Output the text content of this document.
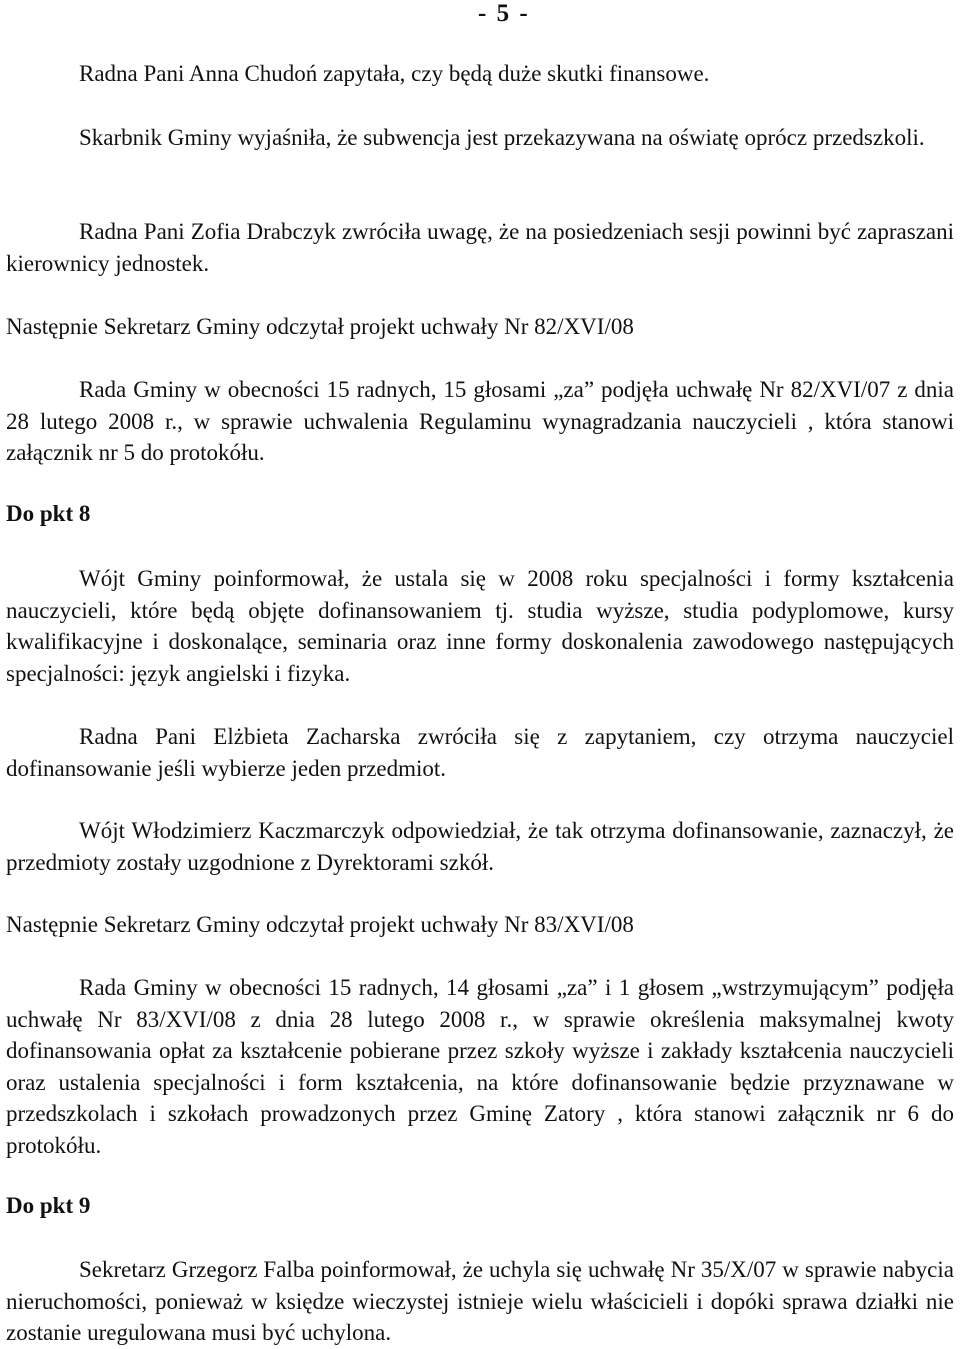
- 5 -

Radna Pani Anna Chudoń zapytała, czy będą duże skutki finansowe.

Skarbnik Gminy wyjaśniła, że subwencja jest przekazywana na oświatę oprócz przedszkoli.

Radna Pani Zofia Drabczyk zwróciła uwagę, że na posiedzeniach sesji powinni być zapraszani kierownicy jednostek.

Następnie Sekretarz Gminy odczytał projekt uchwały Nr 82/XVI/08

Rada Gminy w obecności 15 radnych, 15 głosami „za” podjęła uchwałę Nr 82/XVI/07 z dnia 28 lutego 2008 r., w sprawie uchwalenia Regulaminu wynagradzania nauczycieli , która stanowi załącznik nr 5 do protokółu.

Do pkt 8

Wójt Gminy poinformował, że ustala się w 2008 roku specjalności i formy kształcenia nauczycieli, które będą objęte dofinansowaniem tj. studia wyższe, studia podyplomowe, kursy kwalifikacyjne i doskonalące, seminaria oraz inne formy doskonalenia zawodowego następujących specjalności: język angielski i fizyka.

Radna Pani Elżbieta Zacharska zwróciła się z zapytaniem, czy otrzyma nauczyciel dofinansowanie jeśli wybierze jeden przedmiot.

Wójt Włodzimierz Kaczmarczyk odpowiedział, że tak otrzyma dofinansowanie, zaznaczył, że przedmioty zostały uzgodnione z Dyrektorami szkół.

Następnie Sekretarz Gminy odczytał projekt uchwały Nr 83/XVI/08

Rada Gminy w obecności 15 radnych, 14 głosami „za” i 1 głosem „wstrzymującym” podjęła uchwałę Nr 83/XVI/08 z dnia 28 lutego 2008 r., w sprawie określenia maksymalnej kwoty dofinansowania opłat za kształcenie pobierane przez szkoły wyższe i zakłady kształcenia nauczycieli oraz ustalenia specjalności i form kształcenia, na które dofinansowanie będzie przyznawane w przedszkolach i szkołach prowadzonych przez Gminę Zatory , która stanowi załącznik nr 6 do protokółu.

Do pkt 9

Sekretarz Grzegorz Falba poinformował, że uchyla się uchwałę Nr 35/X/07 w sprawie nabycia nieruchomości, ponieważ w księdze wieczystej istnieje wielu właścicieli i dopóki sprawa działki nie zostanie uregulowana musi być uchylona.
